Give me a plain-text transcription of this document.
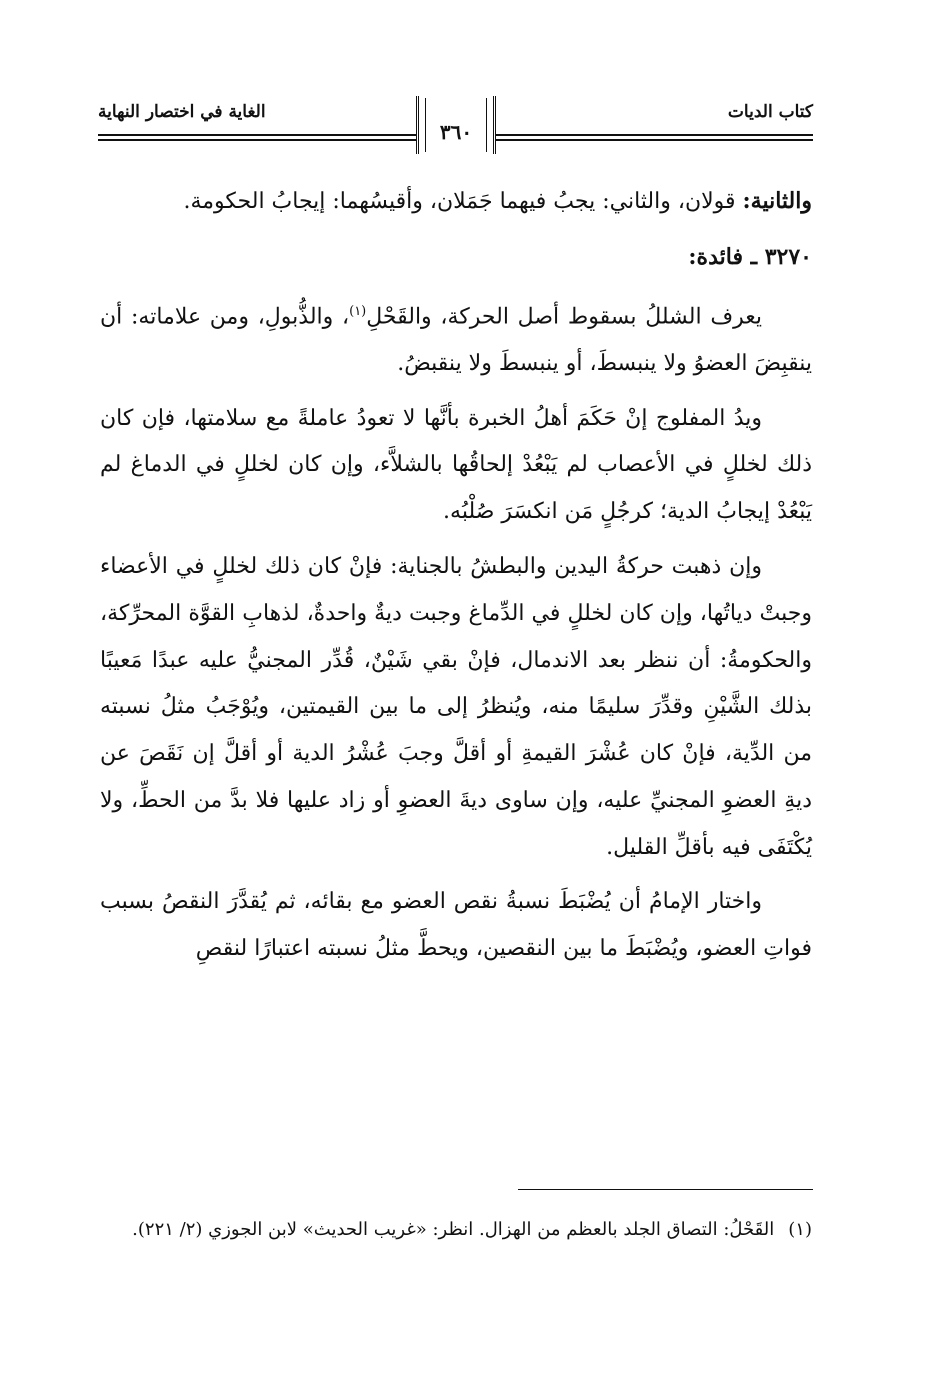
كتاب الديات
الغاية في اختصار النهاية
٣٦٠

والثانية: قولان، والثاني: يجبُ فيهما جَمَلان، وأقيسُهما: إيجابُ الحكومة.

٣٢٧٠ ـ فائدة:

يعرف الشللُ بسقوط أصل الحركة، والقَحْلِ$^{(١)}$، والذُّبولِ، ومن علاماته: أن ينقبِضَ العضوُ ولا ينبسطَ، أو ينبسطَ ولا ينقبضُ.

ويدُ المفلوج إنْ حَكَمَ أهلُ الخبرة بأنَّها لا تعودُ عاملةً مع سلامتها، فإن كان ذلك لخللٍ في الأعصاب لم يَبْعُدْ إلحاقُها بالشلاَّء، وإن كان لخللٍ في الدماغ لم يَبْعُدْ إيجابُ الدية؛ كرجُلٍ مَن انكسَرَ صُلْبُه.

وإن ذهبت حركةُ اليدين والبطشُ بالجناية: فإنْ كان ذلك لخللٍ في الأعضاء وجبتْ دياتُها، وإن كان لخللٍ في الدِّماغ وجبت ديةٌ واحدةٌ، لذهابِ القوَّة المحرِّكة، والحكومةُ: أن ننظر بعد الاندمال، فإنْ بقي شَيْنٌ، قُدِّر المجنيُّ عليه عبدًا مَعيبًا بذلك الشَّيْنِ وقدِّرَ سليمًا منه، ويُنظرُ إلى ما بين القيمتين، ويُوْجَبُ مثلُ نسبته من الدِّية، فإنْ كان عُشْرَ القيمةِ أو أقلَّ وجبَ عُشْرُ الدية أو أقلَّ إن نَقَصَ عن ديةِ العضوِ المجنيِّ عليه، وإن ساوى ديةَ العضوِ أو زاد عليها فلا بدَّ من الحطِّ، ولا يُكْتَفَى فيه بأقلِّ القليل.

واختار الإمامُ أن يُضْبَطَ نسبةُ نقص العضو مع بقائه، ثم يُقدَّرَ النقصُ بسبب فواتِ العضو، ويُضْبَطَ ما بين النقصين، ويحطَّ مثلُ نسبته اعتبارًا لنقصِ

(١)القَحْلُ: التصاق الجلد بالعظم من الهزال. انظر: «غريب الحديث» لابن الجوزي (٢/ ٢٢١).
